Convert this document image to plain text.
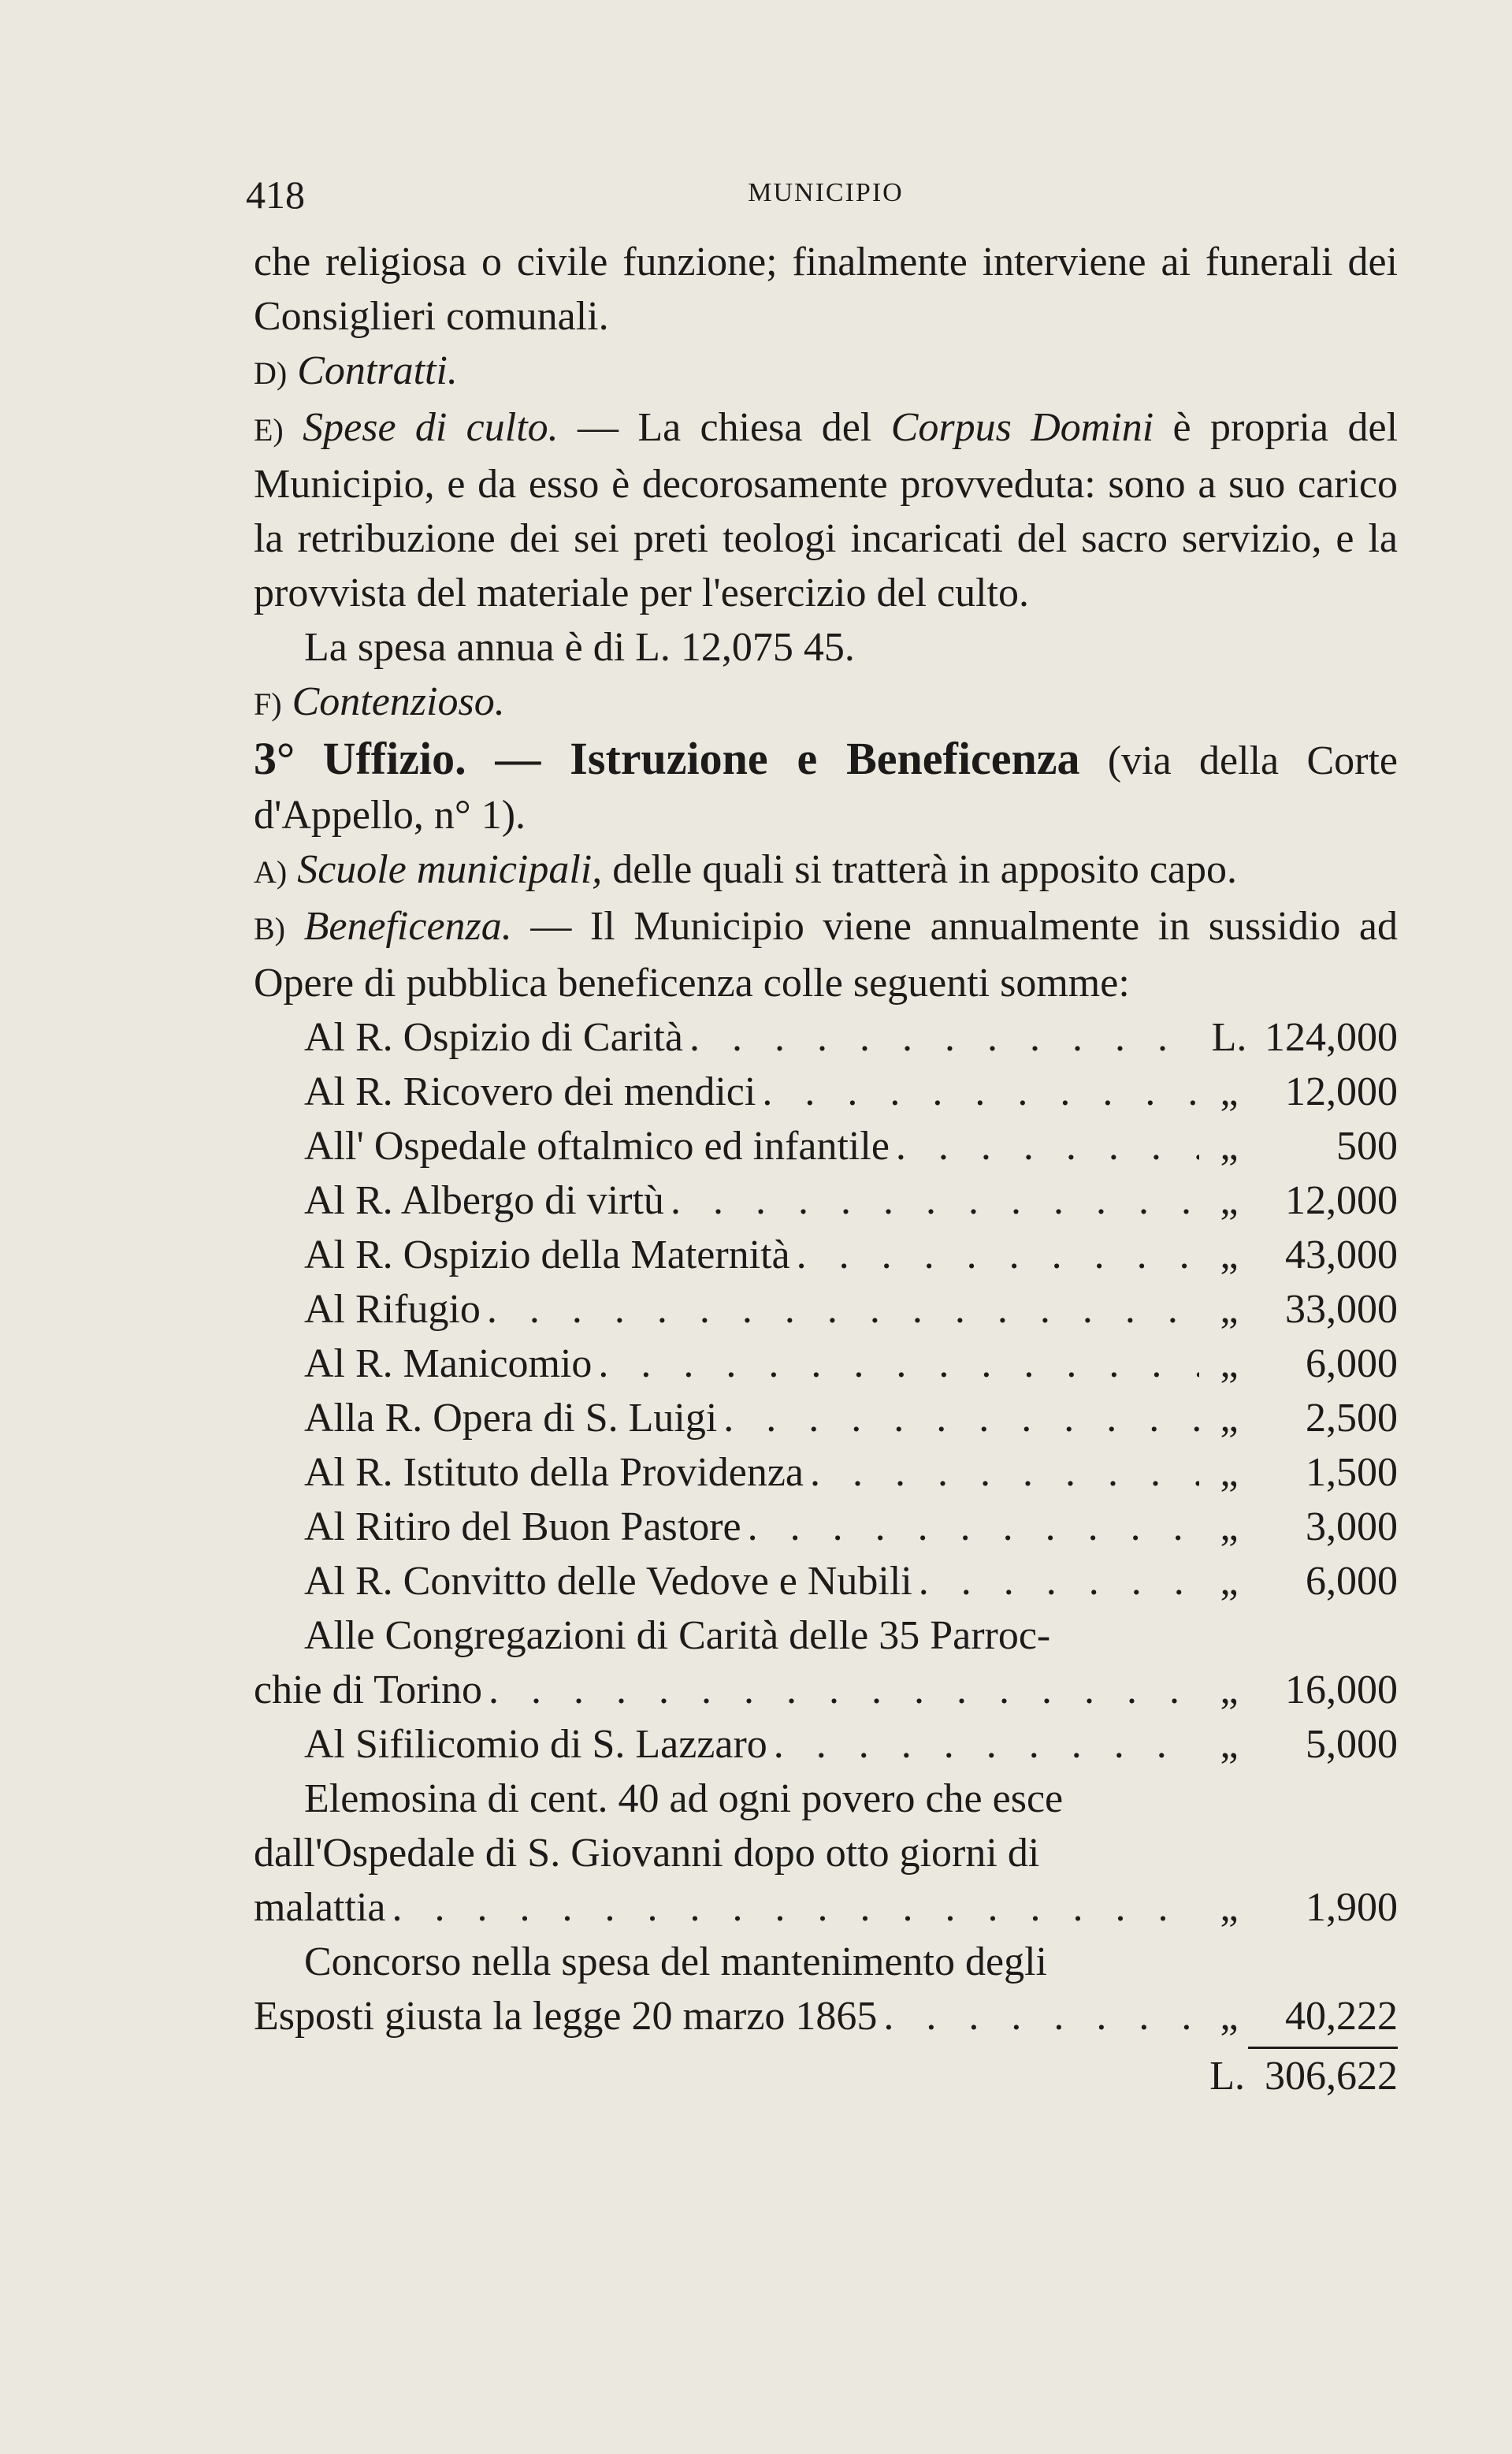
418	MUNICIPIO

che religiosa o civile funzione; finalmente interviene ai funerali dei Consiglieri comunali.

D) Contratti.

E) Spese di culto. — La chiesa del Corpus Domini è propria del Municipio, e da esso è decorosamente provveduta: sono a suo carico la retribuzione dei sei preti teologi incaricati del sacro servizio, e la provvista del materiale per l'esercizio del culto.

La spesa annua è di L. 12,075 45.

F) Contenzioso.

3° Uffizio. — Istruzione e Beneficenza (via della Corte d'Appello, n° 1).

A) Scuole municipali, delle quali si tratterà in apposito capo.

B) Beneficenza. — Il Municipio viene annualmente in sussidio ad Opere di pubblica beneficenza colle seguenti somme:

Al R. Ospizio di Carità . . .	L. 124,000
Al R. Ricovero dei mendici . . .	„	12,000
All' Ospedale oftalmico ed infantile . . .	„	500
Al R. Albergo di virtù . . .	„	12,000
Al R. Ospizio della Maternità . . .	„	43,000
Al Rifugio . . .	„	33,000
Al R. Manicomio . . .	„	6,000
Alla R. Opera di S. Luigi . . .	„	2,500
Al R. Istituto della Providenza . . .	„	1,500
Al Ritiro del Buon Pastore . . .	„	3,000
Al R. Convitto delle Vedove e Nubili . . .	„	6,000
Alle Congregazioni di Carità delle 35 Parroc-
chie di Torino . . .	„	16,000
Al Sifilicomio di S. Lazzaro . . .	„	5,000
Elemosina di cent. 40 ad ogni povero che esce
dall'Ospedale di S. Giovanni dopo otto giorni di
malattia . . .	„	1,900
Concorso nella spesa del mantenimento degli
Esposti giusta la legge 20 marzo 1865 . . .	„	40,222
L. 306,622
